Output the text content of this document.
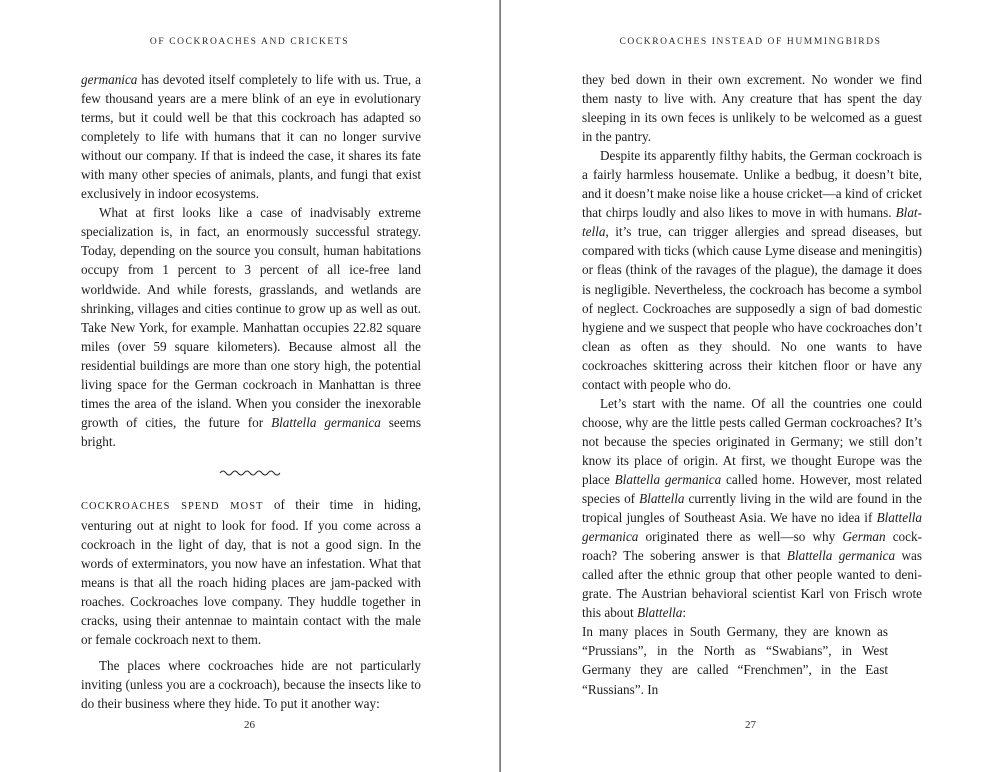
OF COCKROACHES AND CRICKETS

germanica has devoted itself completely to life with us. True, a few thousand years are a mere blink of an eye in evolutionary terms, but it could well be that this cockroach has adapted so completely to life with humans that it can no longer survive without our company. If that is indeed the case, it shares its fate with many other species of animals, plants, and fungi that exist exclusively in indoor ecosystems.

What at first looks like a case of inadvisably extreme specialization is, in fact, an enormously successful strategy. Today, depending on the source you consult, human habitations occupy from 1 percent to 3 percent of all ice-free land worldwide. And while forests, grasslands, and wetlands are shrinking, villages and cities continue to grow up as well as out. Take New York, for example. Manhattan occupies 22.82 square miles (over 59 square kilometers). Because almost all the residential buildings are more than one story high, the potential living space for the German cockroach in Manhattan is three times the area of the island. When you consider the inexorable growth of cities, the future for Blattella germanica seems bright.

COCKROACHES SPEND MOST of their time in hiding, venturing out at night to look for food. If you come across a cockroach in the light of day, that is not a good sign. In the words of exterminators, you now have an infestation. What that means is that all the roach hiding places are jam-packed with roaches. Cockroaches love company. They huddle together in cracks, using their antennae to maintain contact with the male or female cockroach next to them.

The places where cockroaches hide are not particularly inviting (unless you are a cockroach), because the insects like to do their business where they hide. To put it another way:

26
COCKROACHES INSTEAD OF HUMMINGBIRDS

they bed down in their own excrement. No wonder we find them nasty to live with. Any creature that has spent the day sleeping in its own feces is unlikely to be welcomed as a guest in the pantry.

Despite its apparently filthy habits, the German cockroach is a fairly harmless housemate. Unlike a bedbug, it doesn’t bite, and it doesn’t make noise like a house cricket—a kind of cricket that chirps loudly and also likes to move in with humans. Blattella, it’s true, can trigger allergies and spread diseases, but compared with ticks (which cause Lyme disease and meningitis) or fleas (think of the ravages of the plague), the damage it does is negligible. Nevertheless, the cockroach has become a symbol of neglect. Cockroaches are supposedly a sign of bad domestic hygiene and we suspect that people who have cockroaches don’t clean as often as they should. No one wants to have cockroaches skittering across their kitchen floor or have any contact with people who do.

Let’s start with the name. Of all the countries one could choose, why are the little pests called German cockroaches? It’s not because the species originated in Germany; we still don’t know its place of origin. At first, we thought Europe was the place Blattella germanica called home. However, most related species of Blattella currently living in the wild are found in the tropical jungles of Southeast Asia. We have no idea if Blattella germanica originated there as well—so why German cockroach? The sobering answer is that Blattella germanica was called after the ethnic group that other people wanted to denigrate. The Austrian behavioral scientist Karl von Frisch wrote this about Blattella:

In many places in South Germany, they are known as “Prussians”, in the North as “Swabians”, in West Germany they are called “Frenchmen”, in the East “Russians”. In

27
